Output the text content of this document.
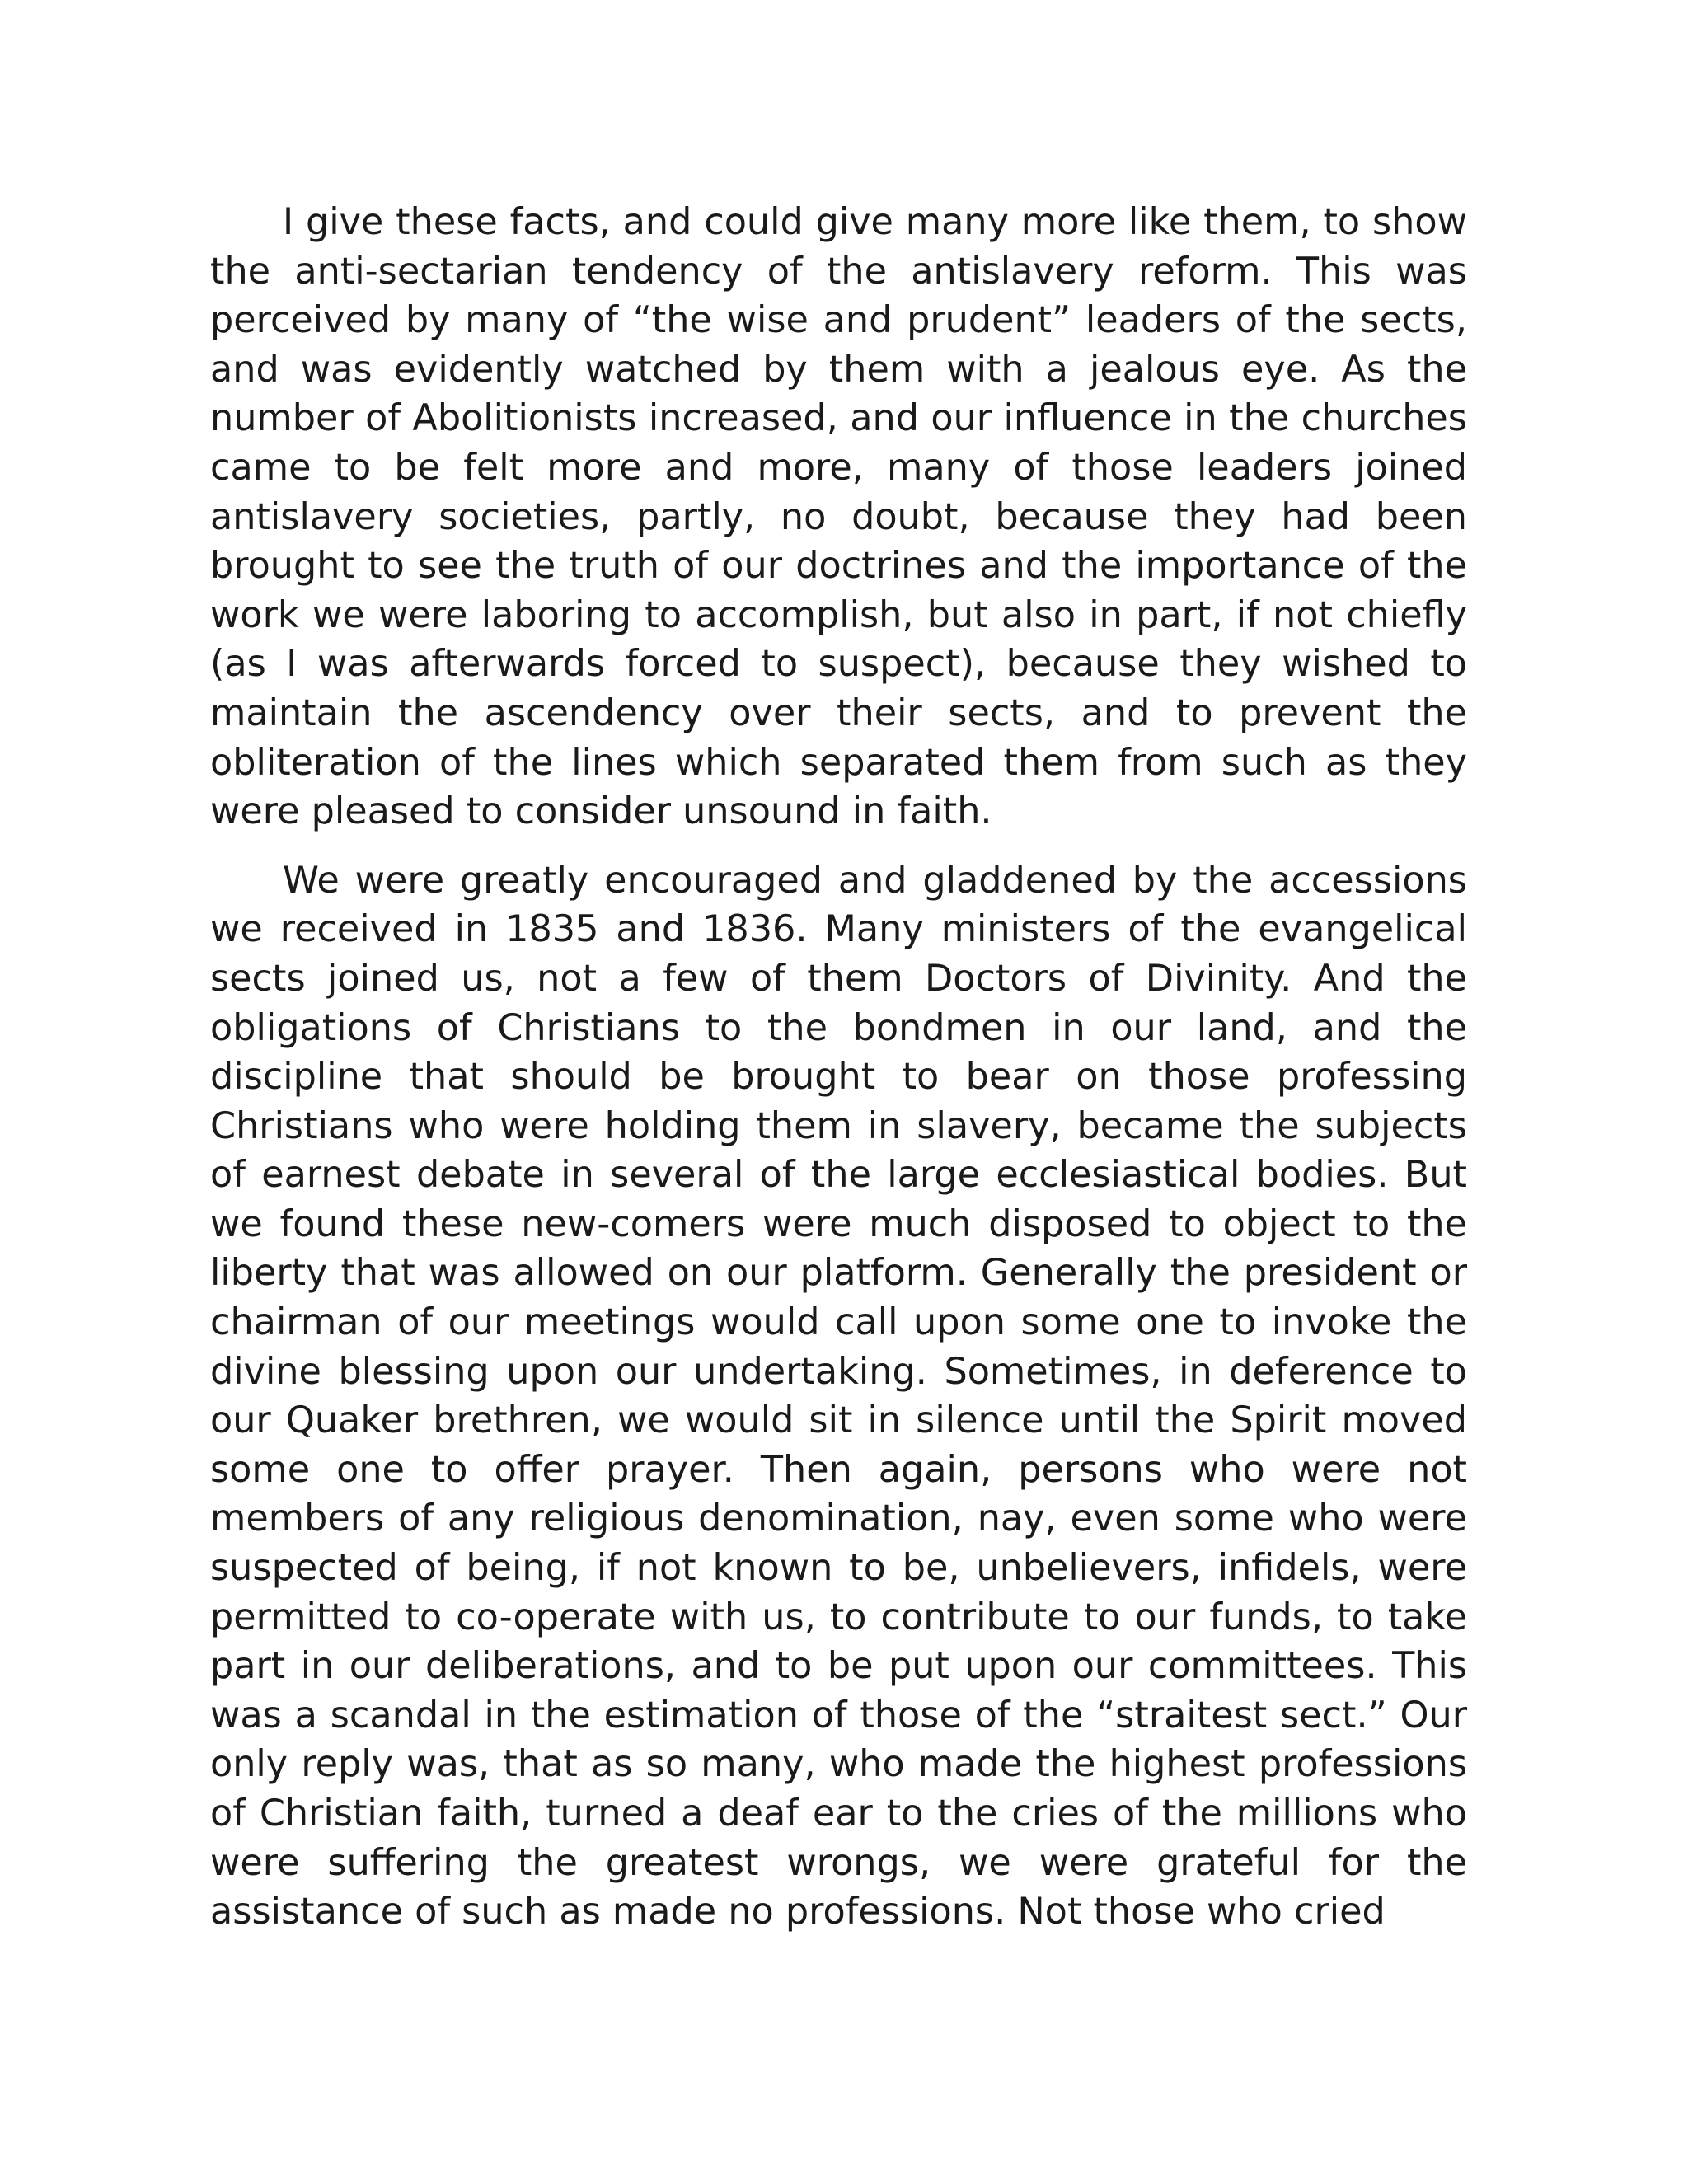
I give these facts, and could give many more like them, to show the anti-sectarian tendency of the antislavery reform. This was perceived by many of “the wise and prudent” leaders of the sects, and was evidently watched by them with a jealous eye. As the number of Abolitionists increased, and our influence in the churches came to be felt more and more, many of those leaders joined antislavery societies, partly, no doubt, because they had been brought to see the truth of our doctrines and the importance of the work we were laboring to accomplish, but also in part, if not chiefly (as I was afterwards forced to suspect), because they wished to maintain the ascendency over their sects, and to prevent the obliteration of the lines which separated them from such as they were pleased to consider unsound in faith.

We were greatly encouraged and gladdened by the accessions we received in 1835 and 1836. Many ministers of the evangelical sects joined us, not a few of them Doctors of Divinity. And the obligations of Christians to the bondmen in our land, and the discipline that should be brought to bear on those professing Christians who were holding them in slavery, became the subjects of earnest debate in several of the large ecclesiastical bodies. But we found these new-comers were much disposed to object to the liberty that was allowed on our platform. Generally the president or chairman of our meetings would call upon some one to invoke the divine blessing upon our undertaking. Sometimes, in deference to our Quaker brethren, we would sit in silence until the Spirit moved some one to offer prayer. Then again, persons who were not members of any religious denomination, nay, even some who were suspected of being, if not known to be, unbelievers, infidels, were permitted to co-operate with us, to contribute to our funds, to take part in our deliberations, and to be put upon our committees. This was a scandal in the estimation of those of the “straitest sect.” Our only reply was, that as so many, who made the highest professions of Christian faith, turned a deaf ear to the cries of the millions who were suffering the greatest wrongs, we were grateful for the assistance of such as made no professions. Not those who cried
